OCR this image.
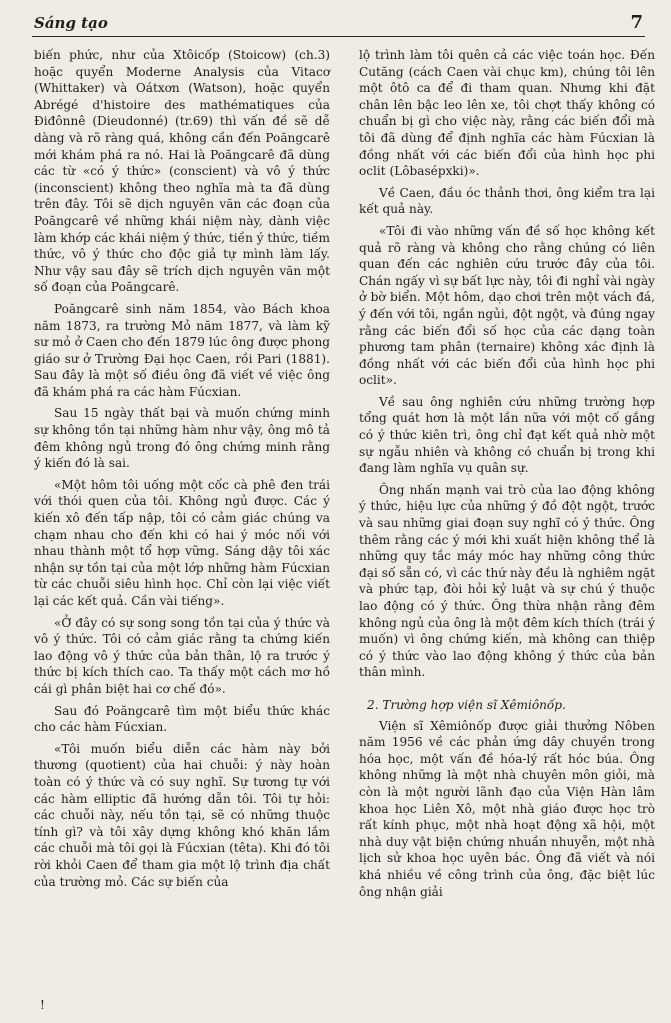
Sáng tạo	7

biến phức, như của Xtôicốp (Stoicow) (ch.3) hoặc quyển Moderne Analysis của Vitacơ (Whittaker) và Oátxơn (Watson), hoặc quyển Abrégé d'histoire des mathématiques của Điđônnê (Dieudonné) (tr.69) thì vấn đề sẽ dễ dàng và rõ ràng quá, không cần đến Poăngcarê mới khám phá ra nó. Hai là Poăngcarê đã dùng các từ «có ý thức» (conscient) và vô ý thức (inconscient) không theo nghĩa mà ta đã dùng trên đây. Tôi sẽ dịch nguyên văn các đoạn của Poăngcarê về những khái niệm này, dành việc làm khớp các khái niệm ý thức, tiền ý thức, tiềm thức, vô ý thức cho độc giả tự mình làm lấy. Như vậy sau đây sẽ trích dịch nguyên văn một số đoạn của Poăngcarê.

Poăngcarê sinh năm 1854, vào Bách khoa năm 1873, ra trường Mỏ năm 1877, và làm kỹ sư mỏ ở Caen cho đến 1879 lúc ông được phong giáo sư ở Trường Đại học Caen, rồi Pari (1881). Sau đây là một số điều ông đã viết về việc ông đã khám phá ra các hàm Fúcxian.

Sau 15 ngày thất bại và muốn chứng minh sự không tồn tại những hàm như vậy, ông mô tả đêm không ngủ trong đó ông chứng minh rằng ý kiến đó là sai.

«Một hôm tôi uống một cốc cà phê đen trái với thói quen của tôi. Không ngủ được. Các ý kiến xô đến tấp nập, tôi có cảm giác chúng va chạm nhau cho đến khi có hai ý móc nối với nhau thành một tổ hợp vững. Sáng dậy tôi xác nhận sự tồn tại của một lớp những hàm Fúcxian từ các chuỗi siêu hình học. Chỉ còn lại việc viết lại các kết quả. Cần vài tiếng».

«Ở đây có sự song song tồn tại của ý thức và vô ý thức. Tôi có cảm giác rằng ta chứng kiến lao động vô ý thức của bản thân, lộ ra trước ý thức bị kích thích cao. Ta thấy một cách mơ hồ cái gì phân biệt hai cơ chế đó».

Sau đó Poăngcarê tìm một biểu thức khác cho các hàm Fúcxian.

«Tôi muốn biểu diễn các hàm này bởi thương (quotient) của hai chuỗi: ý này hoàn toàn có ý thức và có suy nghĩ. Sự tương tự với các hàm elliptic đã hướng dẫn tôi. Tôi tự hỏi: các chuỗi này, nếu tồn tại, sẽ có những thuộc tính gì? và tôi xây dựng không khó khăn lắm các chuỗi mà tôi gọi là Fúcxian (têta). Khi đó tôi rời khỏi Caen để tham gia một lộ trình địa chất của trường mỏ. Các sự biến của

lộ trình làm tôi quên cả các việc toán học. Đến Cutăng (cách Caen vài chục km), chúng tôi lên một ôtô ca để đi tham quan. Nhưng khi đặt chân lên bậc leo lên xe, tôi chợt thấy không có chuẩn bị gì cho việc này, rằng các biến đổi mà tôi đã dùng để định nghĩa các hàm Fúcxian là đồng nhất với các biến đổi của hình học phi oclit (Lôbasépxki)».

Về Caen, đầu óc thảnh thơi, ông kiểm tra lại kết quả này.

«Tôi đi vào những vấn đề số học không kết quả rõ ràng và không cho rằng chúng có liên quan đến các nghiên cứu trước đây của tôi. Chán ngấy vì sự bất lực này, tôi đi nghỉ vài ngày ở bờ biển. Một hôm, dạo chơi trên một vách đá, ý đến với tôi, ngắn ngủi, đột ngột, và đúng ngay rằng các biến đổi số học của các dạng toàn phương tam phân (ternaire) không xác định là đồng nhất với các biến đổi của hình học phi oclit».

Về sau ông nghiên cứu những trường hợp tổng quát hơn là một lần nữa với một cố gắng có ý thức kiên trì, ông chỉ đạt kết quả nhờ một sự ngẫu nhiên và không có chuẩn bị trong khi đang làm nghĩa vụ quân sự.

Ông nhấn mạnh vai trò của lao động không ý thức, hiệu lực của những ý đồ đột ngột, trước và sau những giai đoạn suy nghĩ có ý thức. Ông thêm rằng các ý mới khi xuất hiện không thể là những quy tắc máy móc hay những công thức đại số sẵn có, vì các thứ này đều là nghiêm ngặt và phức tạp, đòi hỏi kỷ luật và sự chú ý thuộc lao động có ý thức. Ông thừa nhận rằng đêm không ngủ của ông là một đêm kích thích (trái ý muốn) vì ông chứng kiến, mà không can thiệp có ý thức vào lao động không ý thức của bản thân mình.

2. Trường hợp viện sĩ Xêmiônốp.

Viện sĩ Xêmiônốp được giải thưởng Nôben năm 1956 về các phản ứng dây chuyền trong hóa học, một vấn đề hóa-lý rất hóc búa. Ông không những là một nhà chuyên môn giỏi, mà còn là một người lãnh đạo của Viện Hàn lâm khoa học Liên Xô, một nhà giáo được học trò rất kính phục, một nhà hoạt động xã hội, một nhà duy vật biện chứng nhuần nhuyễn, một nhà lịch sử khoa học uyên bác. Ông đã viết và nói khá nhiều về công trình của ông, đặc biệt lúc ông nhận giải

!
